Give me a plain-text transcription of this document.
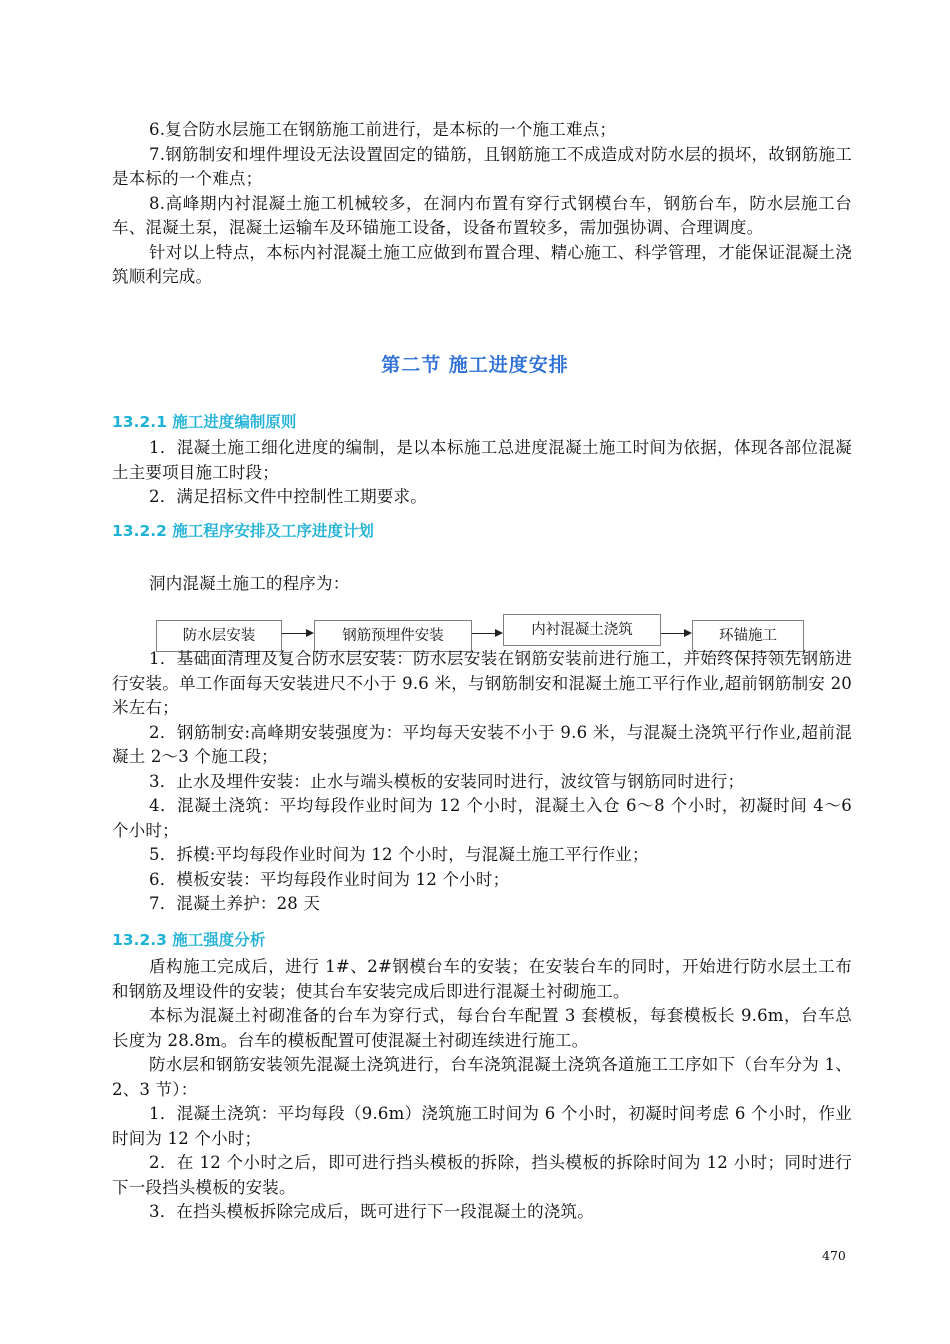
6.复合防水层施工在钢筋施工前进行，是本标的一个施工难点；

7.钢筋制安和埋件埋设无法设置固定的锚筋，且钢筋施工不成造成对防水层的损坏，故钢筋施工是本标的一个难点；

8.高峰期内衬混凝土施工机械较多，在洞内布置有穿行式钢模台车，钢筋台车，防水层施工台车、混凝土泵，混凝土运输车及环锚施工设备，设备布置较多，需加强协调、合理调度。

针对以上特点，本标内衬混凝土施工应做到布置合理、精心施工、科学管理，才能保证混凝土浇筑顺利完成。

第二节 施工进度安排
13.2.1 施工进度编制原则

1．混凝土施工细化进度的编制，是以本标施工总进度混凝土施工时间为依据，体现各部位混凝土主要项目施工时段；

2．满足招标文件中控制性工期要求。

13.2.2 施工程序安排及工序进度计划

洞内混凝土施工的程序为：

防水层安装	钢筋预埋件安装	内衬混凝土浇筑	环锚施工

1．基础面清理及复合防水层安装：防水层安装在钢筋安装前进行施工，并始终保持领先钢筋进行安装。单工作面每天安装进尺不小于 9.6 米，与钢筋制安和混凝土施工平行作业,超前钢筋制安 20 米左右；

2．钢筋制安:高峰期安装强度为：平均每天安装不小于 9.6 米，与混凝土浇筑平行作业,超前混凝土 2～3 个施工段；

3．止水及埋件安装：止水与端头模板的安装同时进行，波纹管与钢筋同时进行；

4．混凝土浇筑：平均每段作业时间为 12 个小时，混凝土入仓 6～8 个小时，初凝时间 4～6 个小时；

5．拆模:平均每段作业时间为 12 个小时，与混凝土施工平行作业；

6．模板安装：平均每段作业时间为 12 个小时；

7．混凝土养护：28 天

13.2.3 施工强度分析

盾构施工完成后，进行 1#、2#钢模台车的安装；在安装台车的同时，开始进行防水层土工布和钢筋及埋设件的安装；使其台车安装完成后即进行混凝土衬砌施工。

本标为混凝土衬砌准备的台车为穿行式，每台台车配置 3 套模板，每套模板长 9.6m，台车总长度为 28.8m。台车的模板配置可使混凝土衬砌连续进行施工。

防水层和钢筋安装领先混凝土浇筑进行，台车浇筑混凝土浇筑各道施工工序如下（台车分为 1、2、3 节）：

1．混凝土浇筑：平均每段（9.6m）浇筑施工时间为 6 个小时，初凝时间考虑 6 个小时，作业时间为 12 个小时；

2．在 12 个小时之后，即可进行挡头模板的拆除，挡头模板的拆除时间为 12 小时；同时进行下一段挡头模板的安装。

3．在挡头模板拆除完成后，既可进行下一段混凝土的浇筑。

470
